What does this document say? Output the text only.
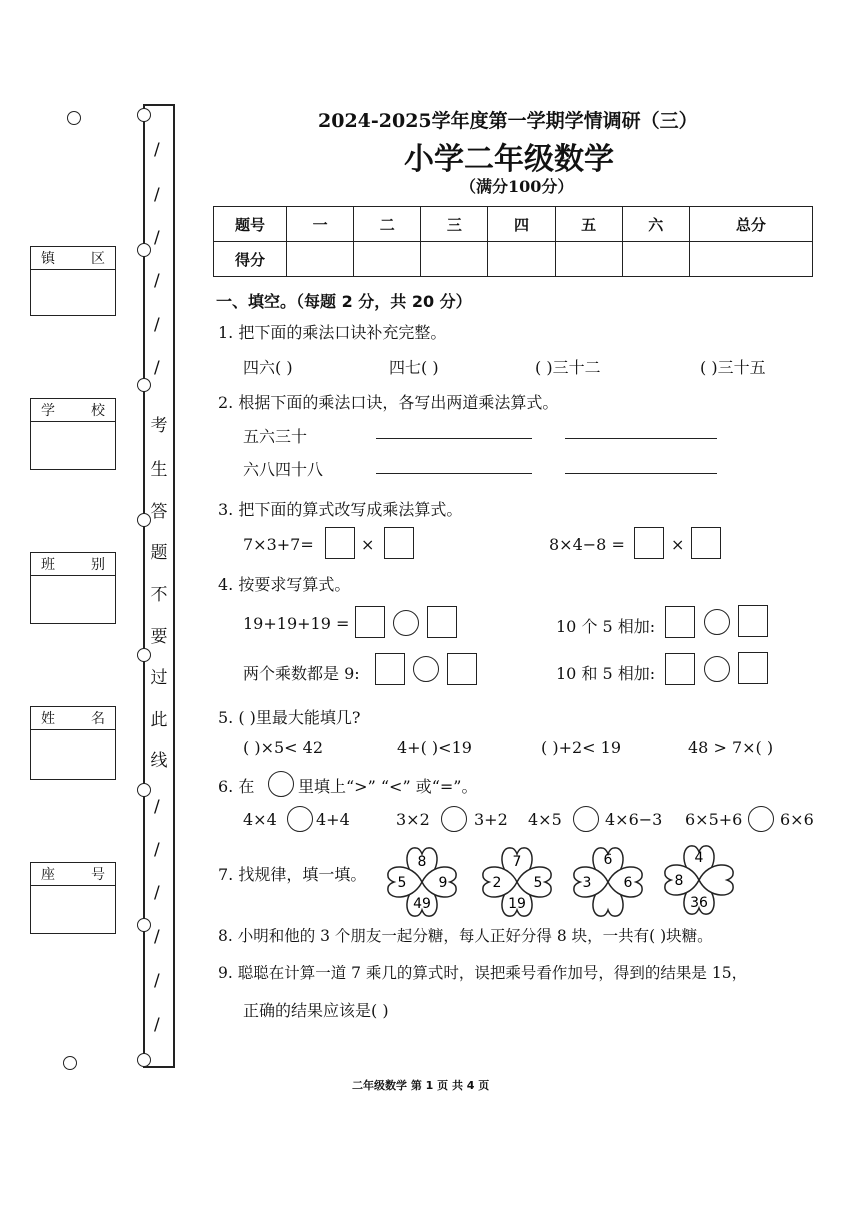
/
/
/
/
/
/
考
生
答
题
不
要
过
此
线
/
/
/
/
/
/
镇	区
学	校
班	别
姓	名
座	号
2024-2025学年度第一学期学情调研（三）
小学二年级数学
（满分100分）
题号	一	二	三	四	五	六	总分
得分							
一、填空。（每题 2 分，共 20 分）
1. 把下面的乘法口诀补充完整。
四六( )	四七( )	( )三十二	( )三十五
2. 根据下面的乘法口诀，各写出两道乘法算式。
五六三十
六八四十八
3. 把下面的算式改写成乘法算式。
7×3+7=	×	8×4−8 =	×
4. 按要求写算式。
19+19+19 =	10 个 5 相加:
两个乘数都是 9:	10 和 5 相加:
5. ( )里最大能填几?
( )×5< 42	4+( )<19	( )+2< 19	48 > 7×( )
6. 在	里填上“>” “<” 或“=”。
4×4 4+4	3×2	3+2 4×5	4×6−3 6×5+6 6×6
7. 找规律，填一填。
8
5 9
49
7
2 5
19
6
3 6
4
8
36
8. 小明和他的 3 个朋友一起分糖，每人正好分得 8 块，一共有( )块糖。
9. 聪聪在计算一道 7 乘几的算式时，误把乘号看作加号，得到的结果是 15，
正确的结果应该是( )
二年级数学 第 1 页 共 4 页
